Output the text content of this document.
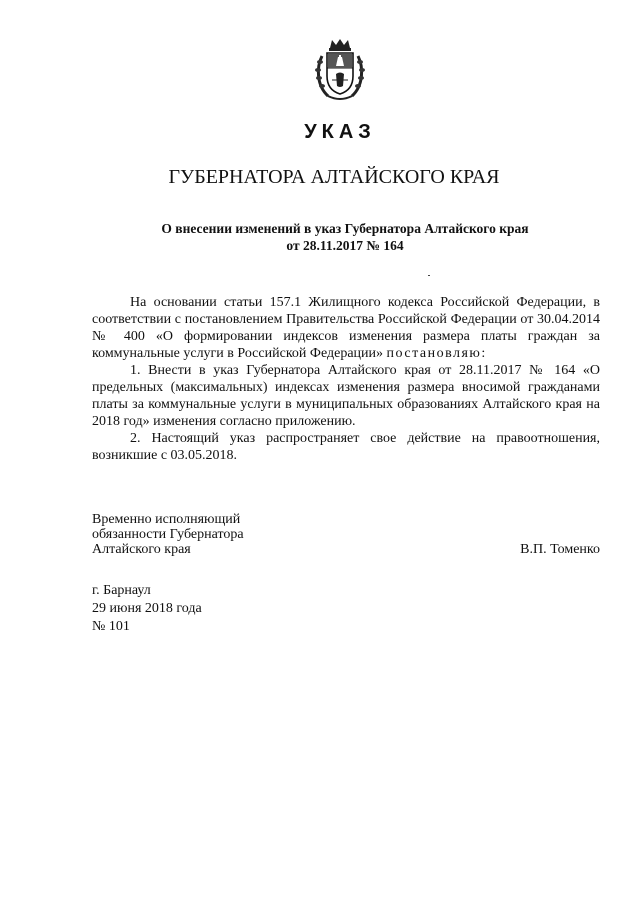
УКАЗ
ГУБЕРНАТОРА АЛТАЙСКОГО КРАЯ
О внесении изменений в указ Губернатора Алтайского края
от 28.11.2017 № 164

На основании статьи 157.1 Жилищного кодекса Российской Федерации, в соответствии с постановлением Правительства Российской Федерации от 30.04.2014 № 400 «О формировании индексов изменения размера платы граждан за коммунальные услуги в Российской Федерации» постановляю:

1. Внести в указ Губернатора Алтайского края от 28.11.2017 № 164 «О предельных (максимальных) индексах изменения размера вносимой гражданами платы за коммунальные услуги в муниципальных образованиях Алтайского края на 2018 год» изменения согласно приложению.

2. Настоящий указ распространяет свое действие на правоотношения, возникшие с 03.05.2018.

Временно исполняющий
обязанности Губернатора
Алтайского края	В.П. Томенко
г. Барнаул
29 июня 2018 года
№ 101
